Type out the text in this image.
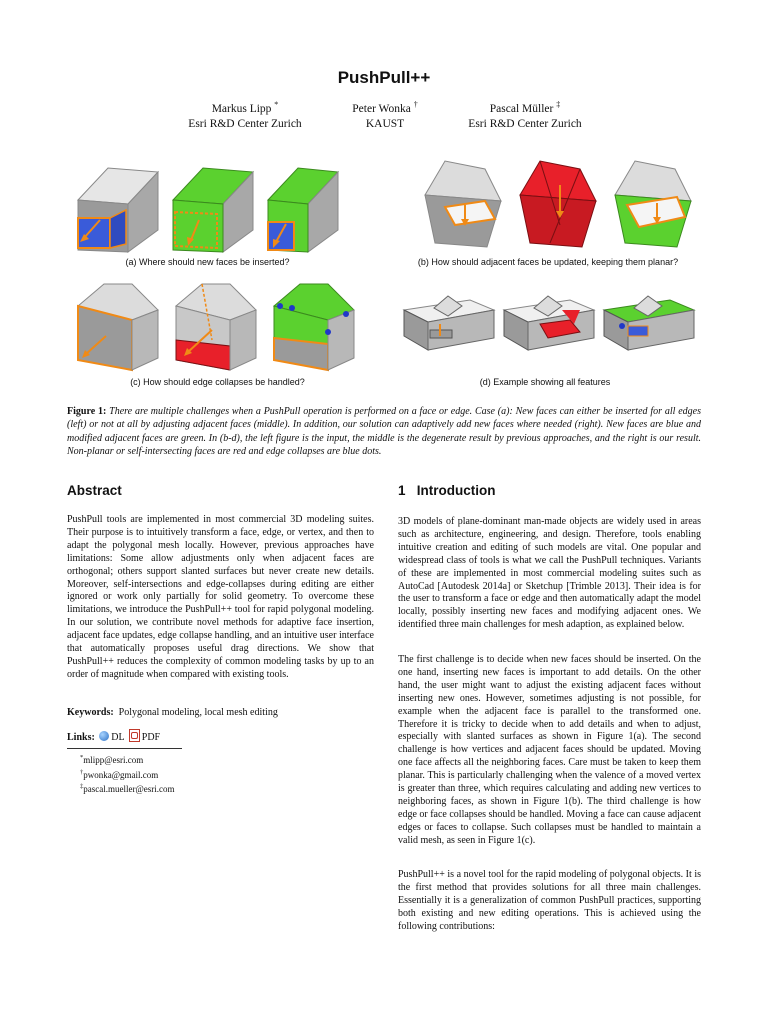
PushPull++
Markus Lipp *
Esri R&D Center Zurich
Peter Wonka †
KAUST
Pascal Müller ‡
Esri R&D Center Zurich
(a) Where should new faces be inserted?	(b) How should adjacent faces be updated, keeping them planar?
(c) How should edge collapses be handled?	(d) Example showing all features
Figure 1: There are multiple challenges when a PushPull operation is performed on a face or edge. Case (a): New faces can either be inserted for all edges (left) or not at all by adjusting adjacent faces (middle). In addition, our solution can adaptively add new faces where needed (right). New faces are blue and modified adjacent faces are green. In (b-d), the left figure is the input, the middle is the degenerate result by previous approaches, and the right is our result. Non-planar or self-intersecting faces are red and edge collapses are blue dots.
Abstract

PushPull tools are implemented in most commercial 3D modeling suites. Their purpose is to intuitively transform a face, edge, or vertex, and then to adapt the polygonal mesh locally. However, previous approaches have limitations: Some allow adjustments only when adjacent faces are orthogonal; others support slanted surfaces but never create new details. Moreover, self-intersections and edge-collapses during editing are either ignored or work only partially for solid geometry. To overcome these limitations, we introduce the PushPull++ tool for rapid polygonal modeling. In our solution, we contribute novel methods for adaptive face insertion, adjacent face updates, edge collapse handling, and an intuitive user interface that automatically proposes useful drag directions. We show that PushPull++ reduces the complexity of common modeling tasks by up to an order of magnitude when compared with existing tools.

Keywords: Polygonal modeling, local mesh editing

Links: DL PDF

*mlipp@esri.com
†pwonka@gmail.com
‡pascal.mueller@esri.com
1 Introduction

3D models of plane-dominant man-made objects are widely used in areas such as architecture, engineering, and design. Therefore, tools enabling intuitive creation and editing of such models are vital. One popular and widespread class of tools is what we call the PushPull techniques. Variants of these are implemented in most commercial modeling suites such as AutoCad [Autodesk 2014a] or Sketchup [Trimble 2013]. Their idea is for the user to transform a face or edge and then automatically adapt the model locally, possibly inserting new faces and modifying adjacent ones. We identified three main challenges for mesh adaption, as explained below.

The first challenge is to decide when new faces should be inserted. On the one hand, inserting new faces is important to add details. On the other hand, the user might want to adjust the existing adjacent faces without inserting new ones. However, sometimes adjusting is not possible, for example when the adjacent face is parallel to the transformed one. Therefore it is tricky to decide when to add details and when to adjust, especially with slanted surfaces as shown in Figure 1(a). The second challenge is how vertices and adjacent faces should be updated. Moving one face affects all the neighboring faces. Care must be taken to keep them planar. This is particularly challenging when the valence of a moved vertex is greater than three, which requires calculating and adding new vertices to neighboring faces, as shown in Figure 1(b). The third challenge is how edge or face collapses should be handled. Moving a face can cause adjacent edges or faces to collapse. Such collapses must be handled to maintain a valid mesh, as seen in Figure 1(c).

PushPull++ is a novel tool for the rapid modeling of polygonal objects. It is the first method that provides solutions for all three main challenges. Essentially it is a generalization of common PushPull practices, supporting both existing and new editing operations. This is achieved using the following contributions:
